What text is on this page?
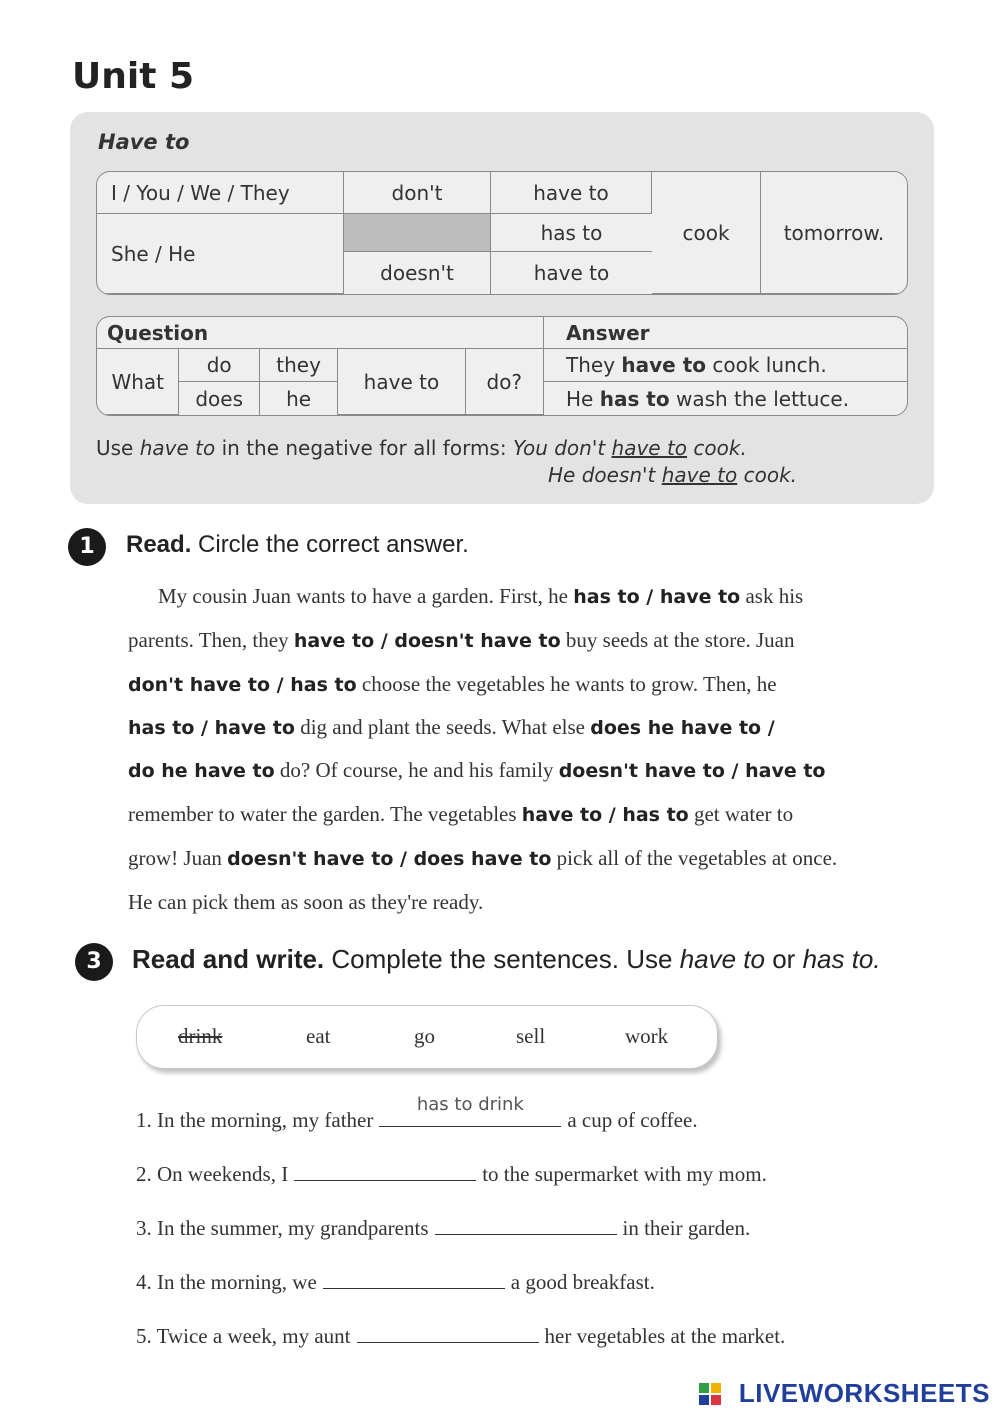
Unit 5
Have to
I / You / We / They	don't	have to	cook	tomorrow.
She / He		has to		
	doesn't	have to		
Question					Answer
What	do	they	have to	do?	They have to cook lunch.
	does	he			He has to wash the lettuce.
Use have to in the negative for all forms: You don't have to cook.
He doesn't have to cook.
1	Read. Circle the correct answer.
My cousin Juan wants to have a garden. First, he has to / have to ask his
parents. Then, they have to / doesn't have to buy seeds at the store. Juan
don't have to / has to choose the vegetables he wants to grow. Then, he
has to / have to dig and plant the seeds. What else does he have to /
do he have to do? Of course, he and his family doesn't have to / have to
remember to water the garden. The vegetables have to / has to get water to
grow! Juan doesn't have to / does have to pick all of the vegetables at once.
He can pick them as soon as they're ready.
3	Read and write. Complete the sentences. Use have to or has to.
drink	eat	go	sell	work
1. In the morning, my father
has to drink
a cup of coffee.
2. On weekends, I	to the supermarket with my mom.
3. In the summer, my grandparents	in their garden.
4. In the morning, we	a good breakfast.
5. Twice a week, my aunt	her vegetables at the market.
LIVEWORKSHEETS
